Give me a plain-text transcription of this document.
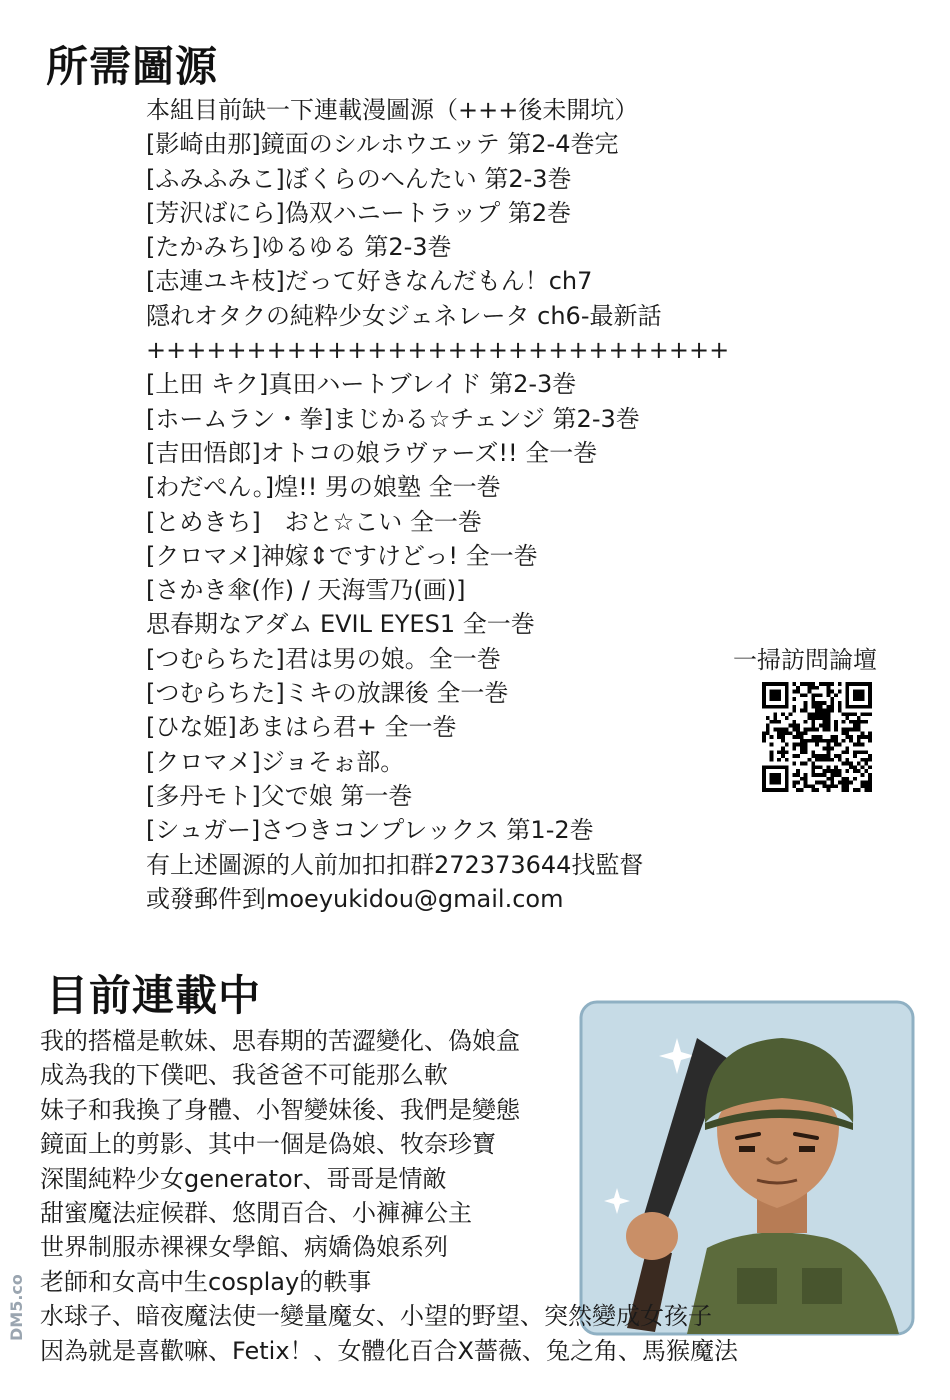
所需圖源
本組目前缺一下連載漫圖源（+++後未開坑）
[影崎由那]鏡面のシルホウエッテ 第2-4巻完
[ふみふみこ]ぼくらのへんたい 第2-3巻
[芳沢ばにら]偽双ハニートラップ 第2巻
[たかみち]ゆるゆる 第2-3巻
[志連ユキ枝]だって好きなんだもん！ch7
隠れオタクの純粋少女ジェネレータ ch6-最新話
+++++++++++++++++++++++++++++
[上田 キク]真田ハートブレイド 第2-3巻
[ホームラン・拳]まじかる☆チェンジ 第2-3巻
[吉田悟郎]オトコの娘ラヴァーズ!! 全一巻
[わだぺん。]煌!! 男の娘塾 全一巻
[とめきち]　おと☆こい 全一巻
[クロマメ]神嫁⇕ですけどっ! 全一巻
[さかき傘(作) / 天海雪乃(画)]
思春期なアダム EVIL EYES1 全一巻
[つむらちた]君は男の娘。全一巻
[つむらちた]ミキの放課後 全一巻
[ひな姫]あまはら君+ 全一巻
[クロマメ]ジョそぉ部。
[多丹モト]父で娘 第一巻
[シュガー]さつきコンプレックス 第1-2巻
有上述圖源的人前加扣扣群272373644找監督
或發郵件到moeyukidou@gmail.com
一掃訪問論壇
目前連載中
我的搭檔是軟妹、思春期的苦澀變化、偽娘盒
成為我的下僕吧、我爸爸不可能那么軟
妹子和我換了身體、小智變妹後、我們是變態
鏡面上的剪影、其中一個是偽娘、牧奈珍寶
深閨純粋少女generator、哥哥是情敵
甜蜜魔法症候群、悠閒百合、小褲褲公主
世界制服赤裸裸女學館、病嬌偽娘系列
老師和女高中生cosplay的軼事
水球子、暗夜魔法使一變量魔女、小望的野望、突然變成女孩子
因為就是喜歡嘛、Fetix！、女體化百合X薔薇、兔之角、馬猴魔法
DM5.com
